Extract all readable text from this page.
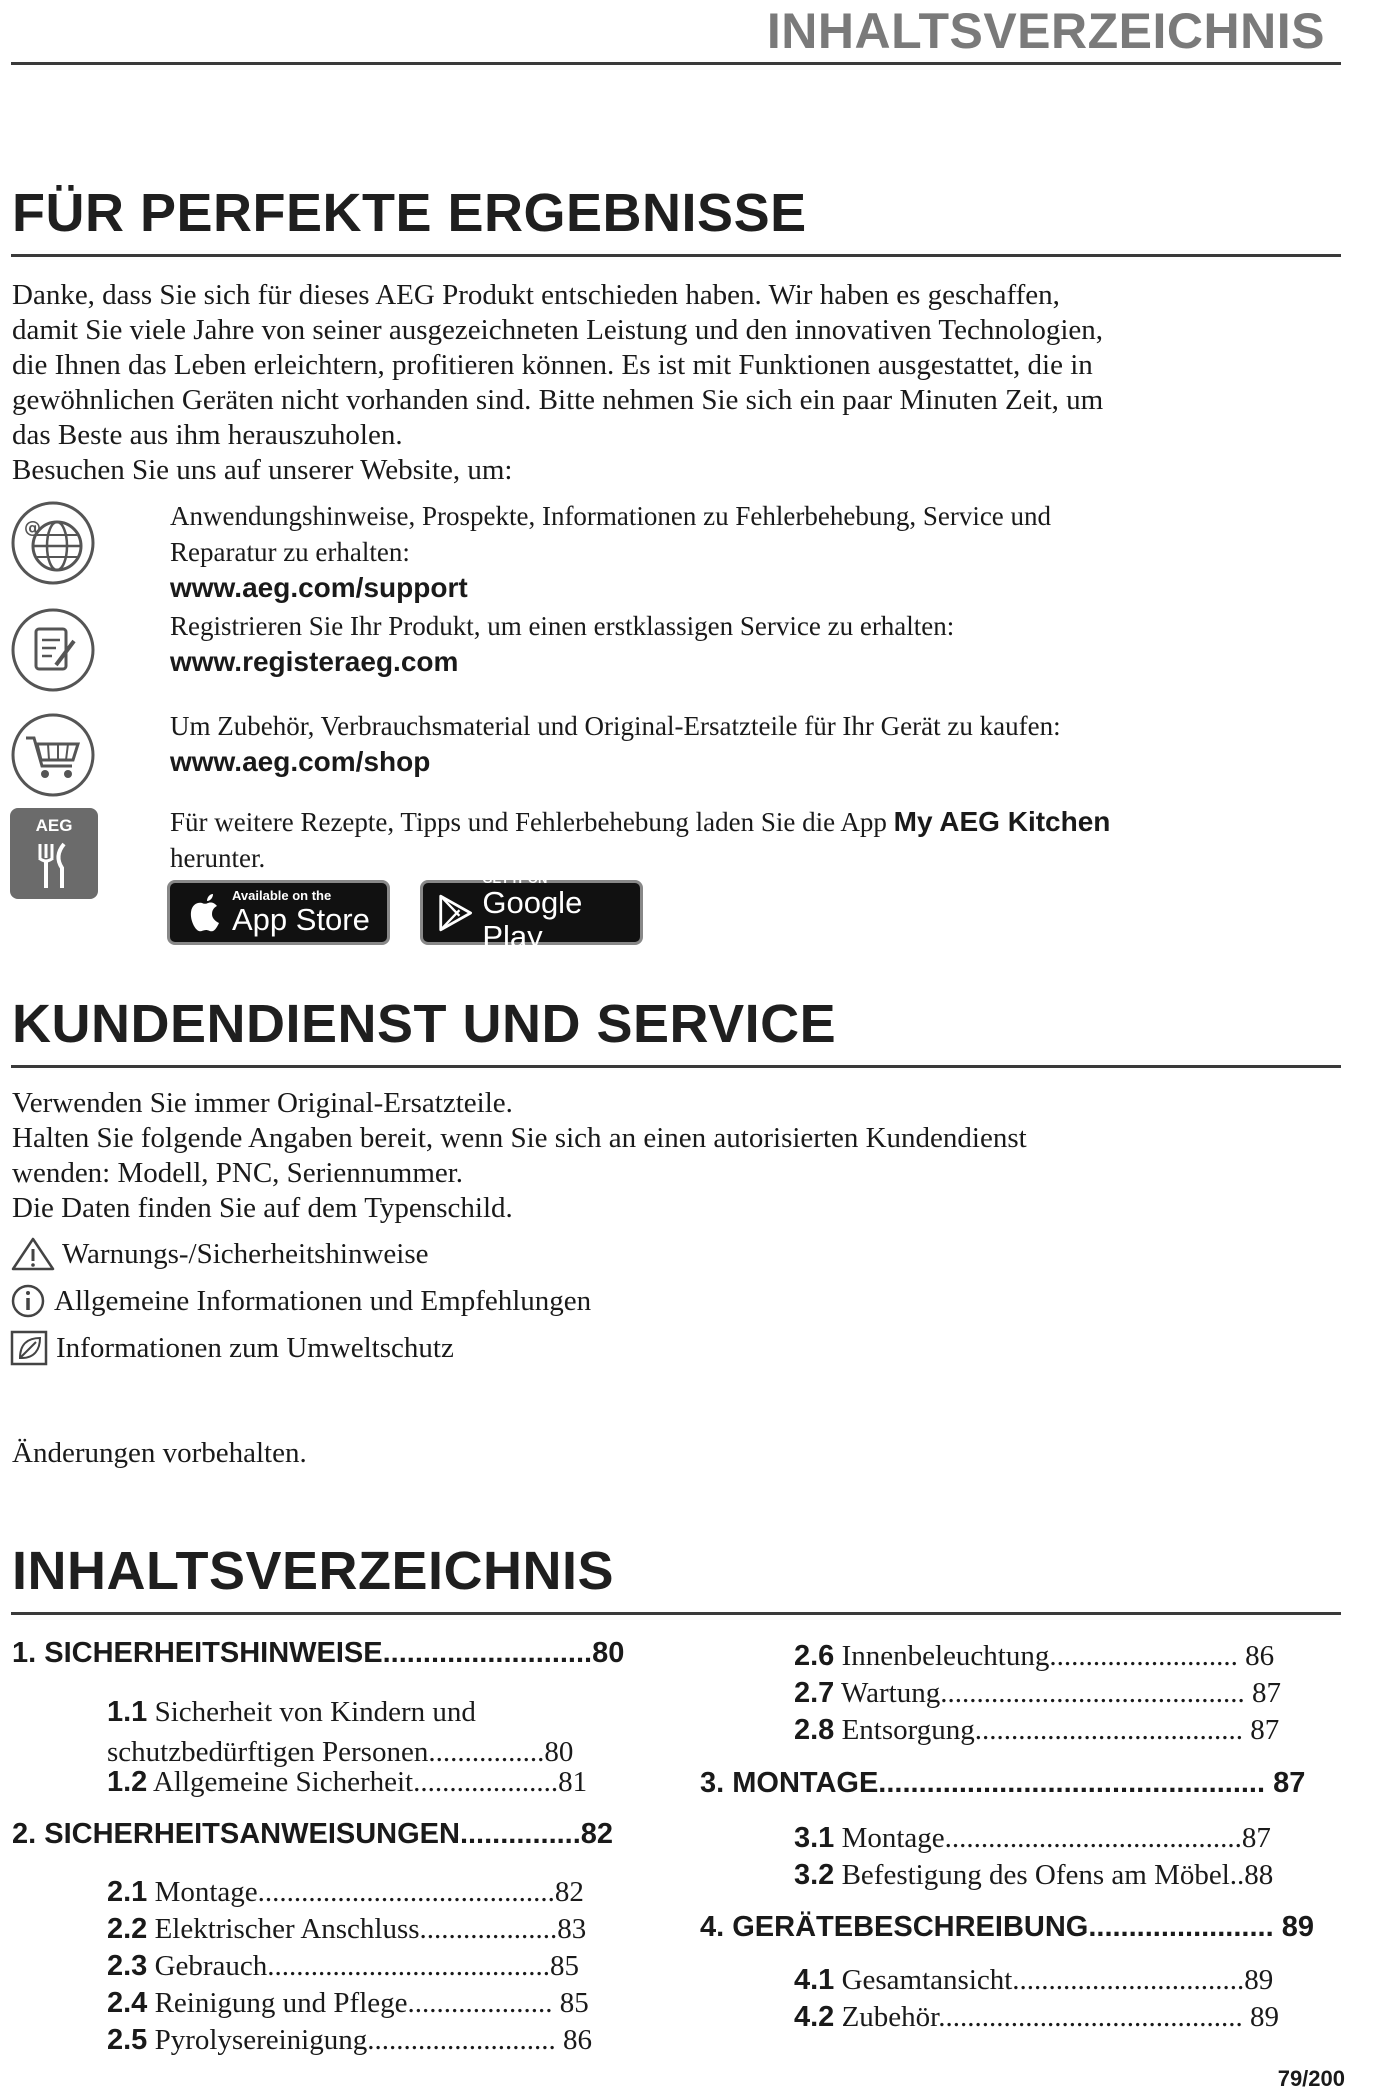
INHALTSVERZEICHNIS
FÜR PERFEKTE ERGEBNISSE

Danke, dass Sie sich für dieses AEG Produkt entschieden haben. Wir haben es geschaffen,

damit Sie viele Jahre von seiner ausgezeichneten Leistung und den innovativen Technologien,

die Ihnen das Leben erleichtern, profitieren können. Es ist mit Funktionen ausgestattet, die in

gewöhnlichen Geräten nicht vorhanden sind. Bitte nehmen Sie sich ein paar Minuten Zeit, um

das Beste aus ihm herauszuholen.

Besuchen Sie uns auf unserer Website, um:

@	Anwendungshinweise, Prospekte, Informationen zu Fehlerbehebung, Service und
Reparatur zu erhalten:
www.aeg.com/support
Registrieren Sie Ihr Produkt, um einen erstklassigen Service zu erhalten:
www.registeraeg.com
Um Zubehör, Verbrauchsmaterial und Original-Ersatzteile für Ihr Gerät zu kaufen:
www.aeg.com/shop
AEG	Für weitere Rezepte, Tipps und Fehlerbehebung laden Sie die App My AEG Kitchen
herunter.
Available on the
App Store
GET IT ON
Google Play
KUNDENDIENST UND SERVICE

Verwenden Sie immer Original-Ersatzteile.

Halten Sie folgende Angaben bereit, wenn Sie sich an einen autorisierten Kundendienst

wenden: Modell, PNC, Seriennummer.

Die Daten finden Sie auf dem Typenschild.

Warnungs-/Sicherheitshinweise
Allgemeine Informationen und Empfehlungen
Informationen zum Umweltschutz
Änderungen vorbehalten.
INHALTSVERZEICHNIS
1. SICHERHEITSHINWEISE..........................80
1.1 Sicherheit von Kindern und
schutzbedürftigen Personen................80
1.2 Allgemeine Sicherheit....................81
2. SICHERHEITSANWEISUNGEN...............82
2.1 Montage.........................................82
2.2 Elektrischer Anschluss...................83
2.3 Gebrauch.......................................85
2.4 Reinigung und Pflege.................... 85
2.5 Pyrolysereinigung.......................... 86
2.6 Innenbeleuchtung.......................... 86
2.7 Wartung.......................................... 87
2.8 Entsorgung..................................... 87
3. MONTAGE................................................ 87
3.1 Montage.........................................87
3.2 Befestigung des Ofens am Möbel..88
4. GERÄTEBESCHREIBUNG....................... 89
4.1 Gesamtansicht................................89
4.2 Zubehör.......................................... 89
79/200
